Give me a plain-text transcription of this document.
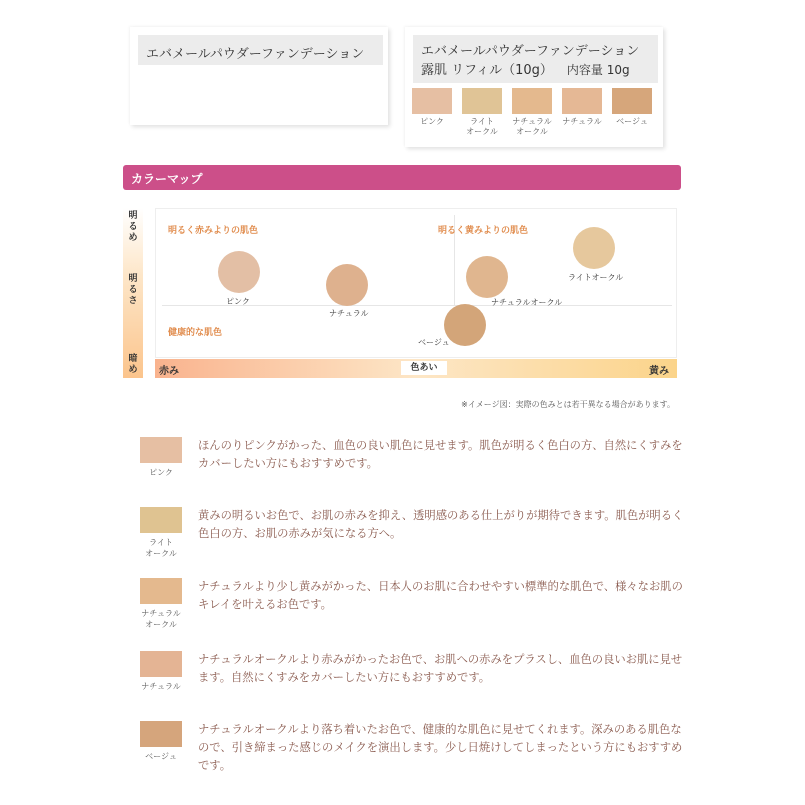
エバメールパウダーファンデーション	エバメールパウダーファンデーション
露肌 リフィル（10g） 内容量 10g
ピンク	ライト
オークル
ナチュラル
オークル
ナチュラル	ベージュ
カラーマップ
明るめ
明るさ
暗め
明るく赤みよりの肌色	明るく黄みよりの肌色
健康的な肌色
ピンク
ナチュラル
ナチュラルオークル
ライトオークル
ベージュ
赤み	色あい	黄み
※イメージ図：実際の色みとは若干異なる場合があります。
ピンク
ほんのりピンクがかった、血色の良い肌色に見せます。肌色が明るく色白の方、自然にくすみをカバーしたい方にもおすすめです。
ライト
オークル
黄みの明るいお色で、お肌の赤みを抑え、透明感のある仕上がりが期待できます。肌色が明るく色白の方、お肌の赤みが気になる方へ。
ナチュラル
オークル
ナチュラルより少し黄みがかった、日本人のお肌に合わせやすい標準的な肌色で、様々なお肌のキレイを叶えるお色です。
ナチュラル
ナチュラルオークルより赤みがかったお色で、お肌への赤みをプラスし、血色の良いお肌に見せます。自然にくすみをカバーしたい方にもおすすめです。
ベージュ
ナチュラルオークルより落ち着いたお色で、健康的な肌色に見せてくれます。深みのある肌色なので、引き締まった感じのメイクを演出します。少し日焼けしてしまったという方にもおすすめです。
